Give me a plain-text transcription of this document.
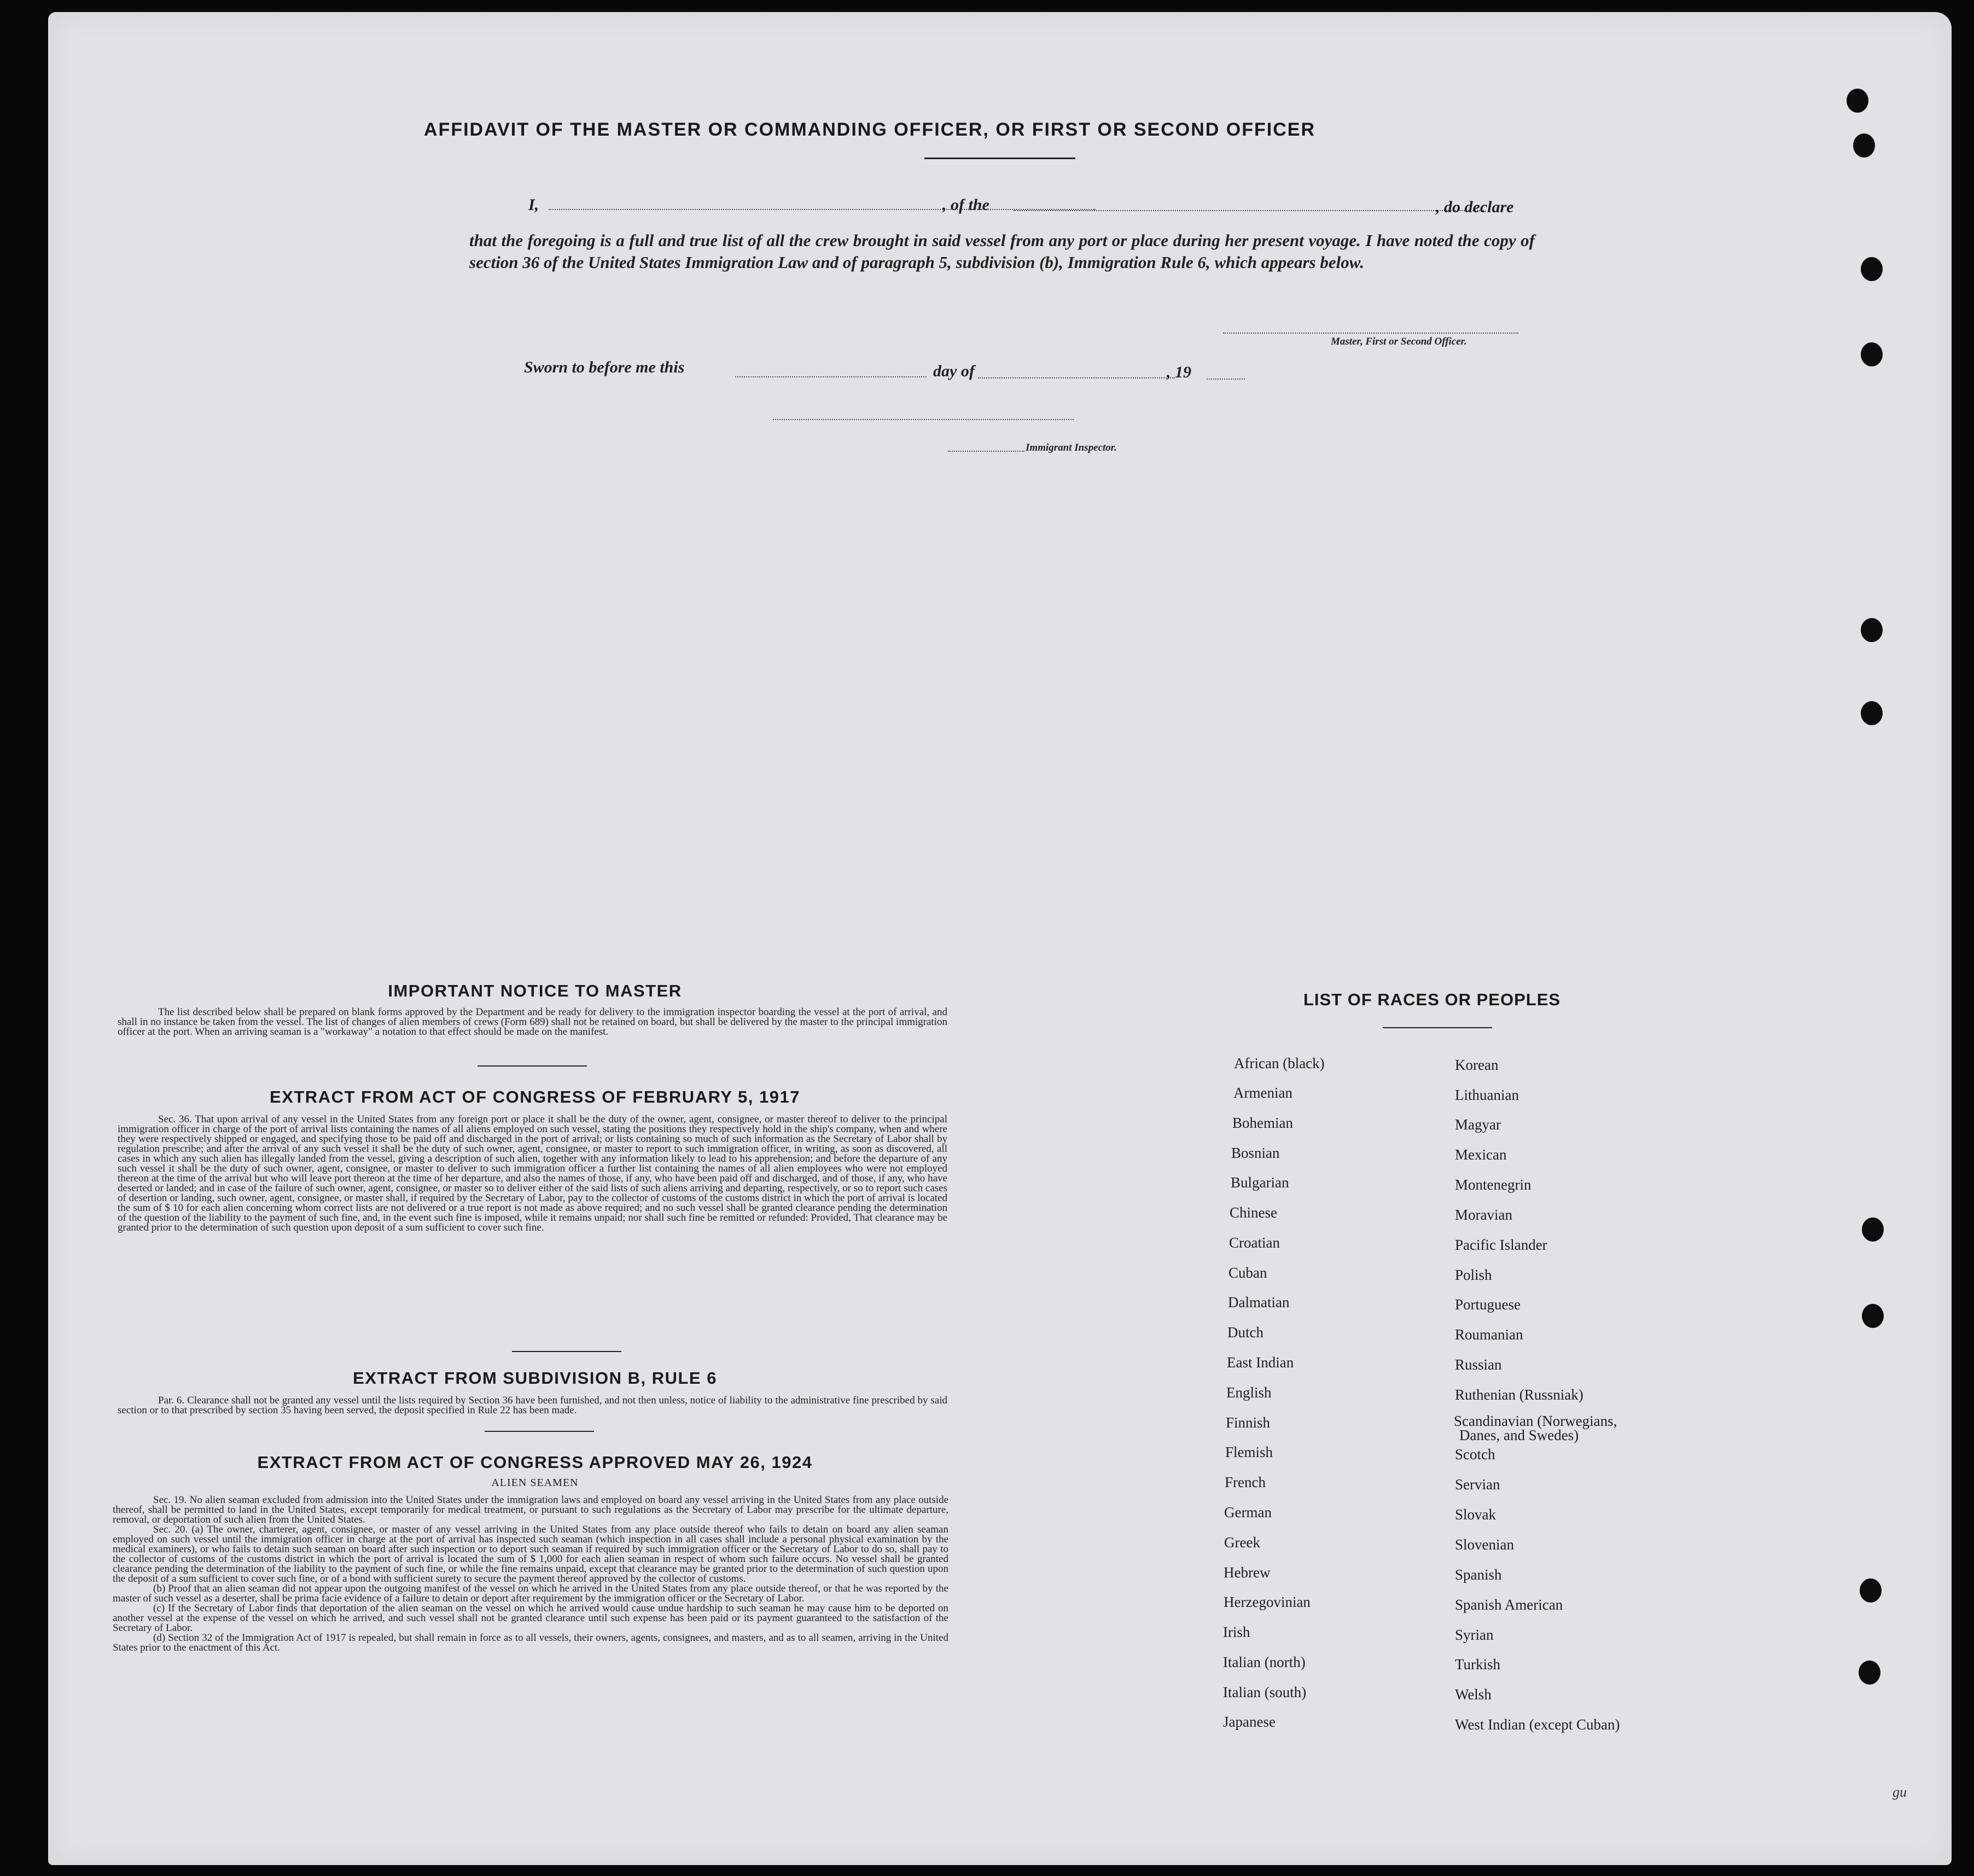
AFFIDAVIT OF THE MASTER OR COMMANDING OFFICER, OR FIRST OR SECOND OFFICER
I,	, of the	, do declare
that the foregoing is a full and true list of all the crew brought in said vessel from any port or place during her present voyage. I have noted the copy of section 36 of the United States Immigration Law and of paragraph 5, subdivision (b), Immigration Rule 6, which appears below.
Master, First or Second Officer.
Sworn to before me this	day of	, 19
Immigrant Inspector.
IMPORTANT NOTICE TO MASTER

The list described below shall be prepared on blank forms approved by the Department and be ready for delivery to the immigration inspector boarding the vessel at the port of arrival, and shall in no instance be taken from the vessel. The list of changes of alien members of crews (Form 689) shall not be retained on board, but shall be delivered by the master to the principal immigration officer at the port. When an arriving seaman is a "workaway" a notation to that effect should be made on the manifest.

EXTRACT FROM ACT OF CONGRESS OF FEBRUARY 5, 1917

Sec. 36. That upon arrival of any vessel in the United States from any foreign port or place it shall be the duty of the owner, agent, consignee, or master thereof to deliver to the principal immigration officer in charge of the port of arrival lists containing the names of all aliens employed on such vessel, stating the positions they respectively hold in the ship's company, when and where they were respectively shipped or engaged, and specifying those to be paid off and discharged in the port of arrival; or lists containing so much of such information as the Secretary of Labor shall by regulation prescribe; and after the arrival of any such vessel it shall be the duty of such owner, agent, consignee, or master to report to such immigration officer, in writing, as soon as discovered, all cases in which any such alien has illegally landed from the vessel, giving a description of such alien, together with any information likely to lead to his apprehension; and before the departure of any such vessel it shall be the duty of such owner, agent, consignee, or master to deliver to such immigration officer a further list containing the names of all alien employees who were not employed thereon at the time of the arrival but who will leave port thereon at the time of her departure, and also the names of those, if any, who have been paid off and discharged, and of those, if any, who have deserted or landed; and in case of the failure of such owner, agent, consignee, or master so to deliver either of the said lists of such aliens arriving and departing, respectively, or so to report such cases of desertion or landing, such owner, agent, consignee, or master shall, if required by the Secretary of Labor, pay to the collector of customs of the customs district in which the port of arrival is located the sum of $ 10 for each alien concerning whom correct lists are not delivered or a true report is not made as above required; and no such vessel shall be granted clearance pending the determination of the question of the liability to the payment of such fine, and, in the event such fine is imposed, while it remains unpaid; nor shall such fine be remitted or refunded: Provided, That clearance may be granted prior to the determination of such question upon deposit of a sum sufficient to cover such fine.

EXTRACT FROM SUBDIVISION B, RULE 6

Par. 6. Clearance shall not be granted any vessel until the lists required by Section 36 have been furnished, and not then unless, notice of liability to the administrative fine prescribed by said section or to that prescribed by section 35 having been served, the deposit specified in Rule 22 has been made.

EXTRACT FROM ACT OF CONGRESS APPROVED MAY 26, 1924
ALIEN SEAMEN

Sec. 19. No alien seaman excluded from admission into the United States under the immigration laws and employed on board any vessel arriving in the United States from any place outside thereof, shall be permitted to land in the United States, except temporarily for medical treatment, or pursuant to such regulations as the Secretary of Labor may prescribe for the ultimate departure, removal, or deportation of such alien from the United States.

Sec. 20. (a) The owner, charterer, agent, consignee, or master of any vessel arriving in the United States from any place outside thereof who fails to detain on board any alien seaman employed on such vessel until the immigration officer in charge at the port of arrival has inspected such seaman (which inspection in all cases shall include a personal physical examination by the medical examiners), or who fails to detain such seaman on board after such inspection or to deport such seaman if required by such immigration officer or the Secretary of Labor to do so, shall pay to the collector of customs of the customs district in which the port of arrival is located the sum of $ 1,000 for each alien seaman in respect of whom such failure occurs. No vessel shall be granted clearance pending the determination of the liability to the payment of such fine, or while the fine remains unpaid, except that clearance may be granted prior to the determination of such question upon the deposit of a sum sufficient to cover such fine, or of a bond with sufficient surety to secure the payment thereof approved by the collector of customs.

(b) Proof that an alien seaman did not appear upon the outgoing manifest of the vessel on which he arrived in the United States from any place outside thereof, or that he was reported by the master of such vessel as a deserter, shall be prima facie evidence of a failure to detain or deport after requirement by the immigration officer or the Secretary of Labor.

(c) If the Secretary of Labor finds that deportation of the alien seaman on the vessel on which he arrived would cause undue hardship to such seaman he may cause him to be deported on another vessel at the expense of the vessel on which he arrived, and such vessel shall not be granted clearance until such expense has been paid or its payment guaranteed to the satisfaction of the Secretary of Labor.

(d) Section 32 of the Immigration Act of 1917 is repealed, but shall remain in force as to all vessels, their owners, agents, consignees, and masters, and as to all seamen, arriving in the United States prior to the enactment of this Act.

LIST OF RACES OR PEOPLES
African (black)
Armenian
Bohemian
Bosnian
Bulgarian
Chinese
Croatian
Cuban
Dalmatian
Dutch
East Indian
English
Finnish
Flemish
French
German
Greek
Hebrew
Herzegovinian
Irish
Italian (north)
Italian (south)
Japanese
Korean
Lithuanian
Magyar
Mexican
Montenegrin
Moravian
Pacific Islander
Polish
Portuguese
Roumanian
Russian
Ruthenian (Russniak)
Scandinavian (Norwegians,
Danes, and Swedes)
Scotch
Servian
Slovak
Slovenian
Spanish
Spanish American
Syrian
Turkish
Welsh
West Indian (except Cuban)
gu
